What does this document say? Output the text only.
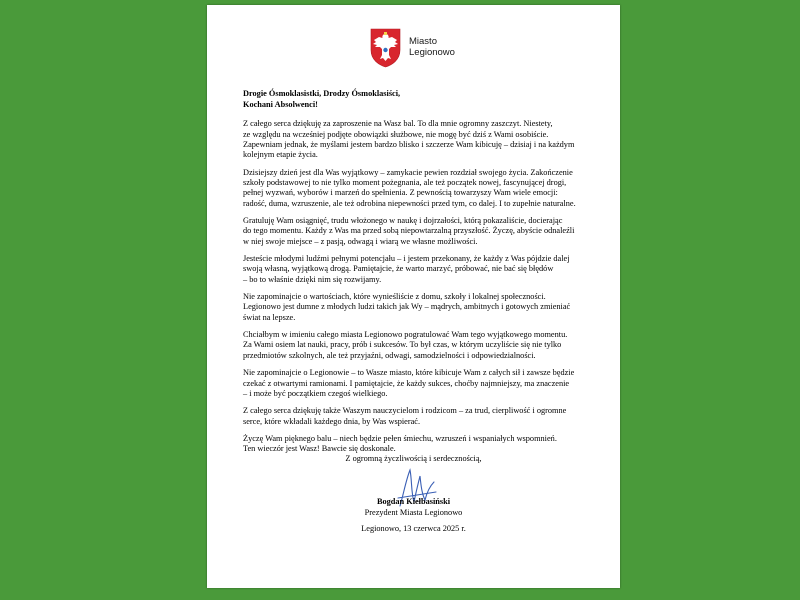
Miasto
Legionowo
Drogie Ósmoklasistki, Drodzy Ósmoklasiści,
Kochani Absolwenci!

Z całego serca dziękuję za zaproszenie na Wasz bal. To dla mnie ogromny zaszczyt. Niestety,
ze względu na wcześniej podjęte obowiązki służbowe, nie mogę być dziś z Wami osobiście.
Zapewniam jednak, że myślami jestem bardzo blisko i szczerze Wam kibicuję – dzisiaj i na każdym
kolejnym etapie życia.

Dzisiejszy dzień jest dla Was wyjątkowy – zamykacie pewien rozdział swojego życia. Zakończenie
szkoły podstawowej to nie tylko moment pożegnania, ale też początek nowej, fascynującej drogi,
pełnej wyzwań, wyborów i marzeń do spełnienia. Z pewnością towarzyszy Wam wiele emocji:
radość, duma, wzruszenie, ale też odrobina niepewności przed tym, co dalej. I to zupełnie naturalne.

Gratuluję Wam osiągnięć, trudu włożonego w naukę i dojrzałości, którą pokazaliście, docierając
do tego momentu. Każdy z Was ma przed sobą niepowtarzalną przyszłość. Życzę, abyście odnaleźli
w niej swoje miejsce – z pasją, odwagą i wiarą we własne możliwości.

Jesteście młodymi ludźmi pełnymi potencjału – i jestem przekonany, że każdy z Was pójdzie dalej
swoją własną, wyjątkową drogą. Pamiętajcie, że warto marzyć, próbować, nie bać się błędów
– bo to właśnie dzięki nim się rozwijamy.

Nie zapominajcie o wartościach, które wynieśliście z domu, szkoły i lokalnej społeczności.
Legionowo jest dumne z młodych ludzi takich jak Wy – mądrych, ambitnych i gotowych zmieniać
świat na lepsze.

Chciałbym w imieniu całego miasta Legionowo pogratulować Wam tego wyjątkowego momentu.
Za Wami osiem lat nauki, pracy, prób i sukcesów. To był czas, w którym uczyliście się nie tylko
przedmiotów szkolnych, ale też przyjaźni, odwagi, samodzielności i odpowiedzialności.

Nie zapominajcie o Legionowie – to Wasze miasto, które kibicuje Wam z całych sił i zawsze będzie
czekać z otwartymi ramionami. I pamiętajcie, że każdy sukces, choćby najmniejszy, ma znaczenie
– i może być początkiem czegoś wielkiego.

Z całego serca dziękuję także Waszym nauczycielom i rodzicom – za trud, cierpliwość i ogromne
serce, które wkładali każdego dnia, by Was wspierać.

Życzę Wam pięknego balu – niech będzie pełen śmiechu, wzruszeń i wspaniałych wspomnień.
Ten wieczór jest Wasz! Bawcie się doskonale.

Z ogromną życzliwością i serdecznością,
Bogdan Kiełbasiński
Prezydent Miasta Legionowo
Legionowo, 13 czerwca 2025 r.
